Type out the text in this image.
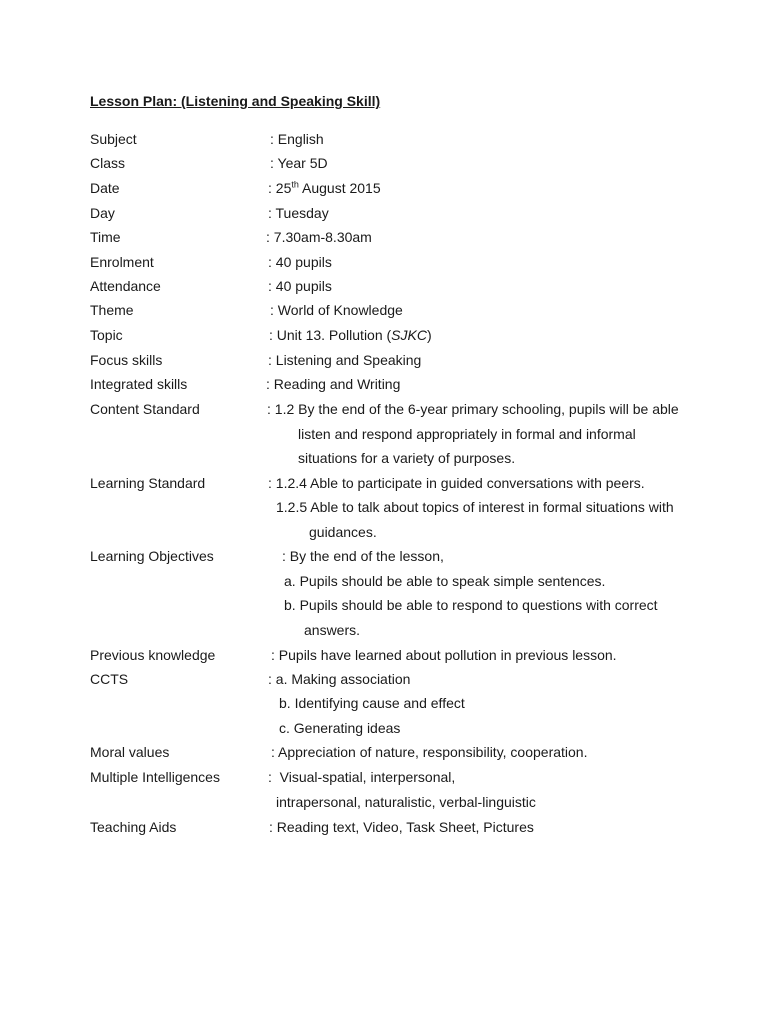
Lesson Plan: (Listening and Speaking Skill)
Subject	: English
Class	: Year 5D
Date	: 25th August 2015
Day	: Tuesday
Time	: 7.30am-8.30am
Enrolment	: 40 pupils
Attendance	: 40 pupils
Theme	: World of Knowledge
Topic	: Unit 13. Pollution (SJKC)
Focus skills	: Listening and Speaking
Integrated skills	: Reading and Writing
Content Standard	: 1.2 By the end of the 6-year primary schooling, pupils will be able
listen and respond appropriately in formal and informal
situations for a variety of purposes.
Learning Standard	: 1.2.4 Able to participate in guided conversations with peers.
1.2.5 Able to talk about topics of interest in formal situations with
guidances.
Learning Objectives	: By the end of the lesson,
a. Pupils should be able to speak simple sentences.
b. Pupils should be able to respond to questions with correct
answers.
Previous knowledge	: Pupils have learned about pollution in previous lesson.
CCTS	: a. Making association
b. Identifying cause and effect
c. Generating ideas
Moral values	: Appreciation of nature, responsibility, cooperation.
Multiple Intelligences	:  Visual-spatial, interpersonal,
intrapersonal, naturalistic, verbal-linguistic
Teaching Aids	: Reading text, Video, Task Sheet, Pictures
